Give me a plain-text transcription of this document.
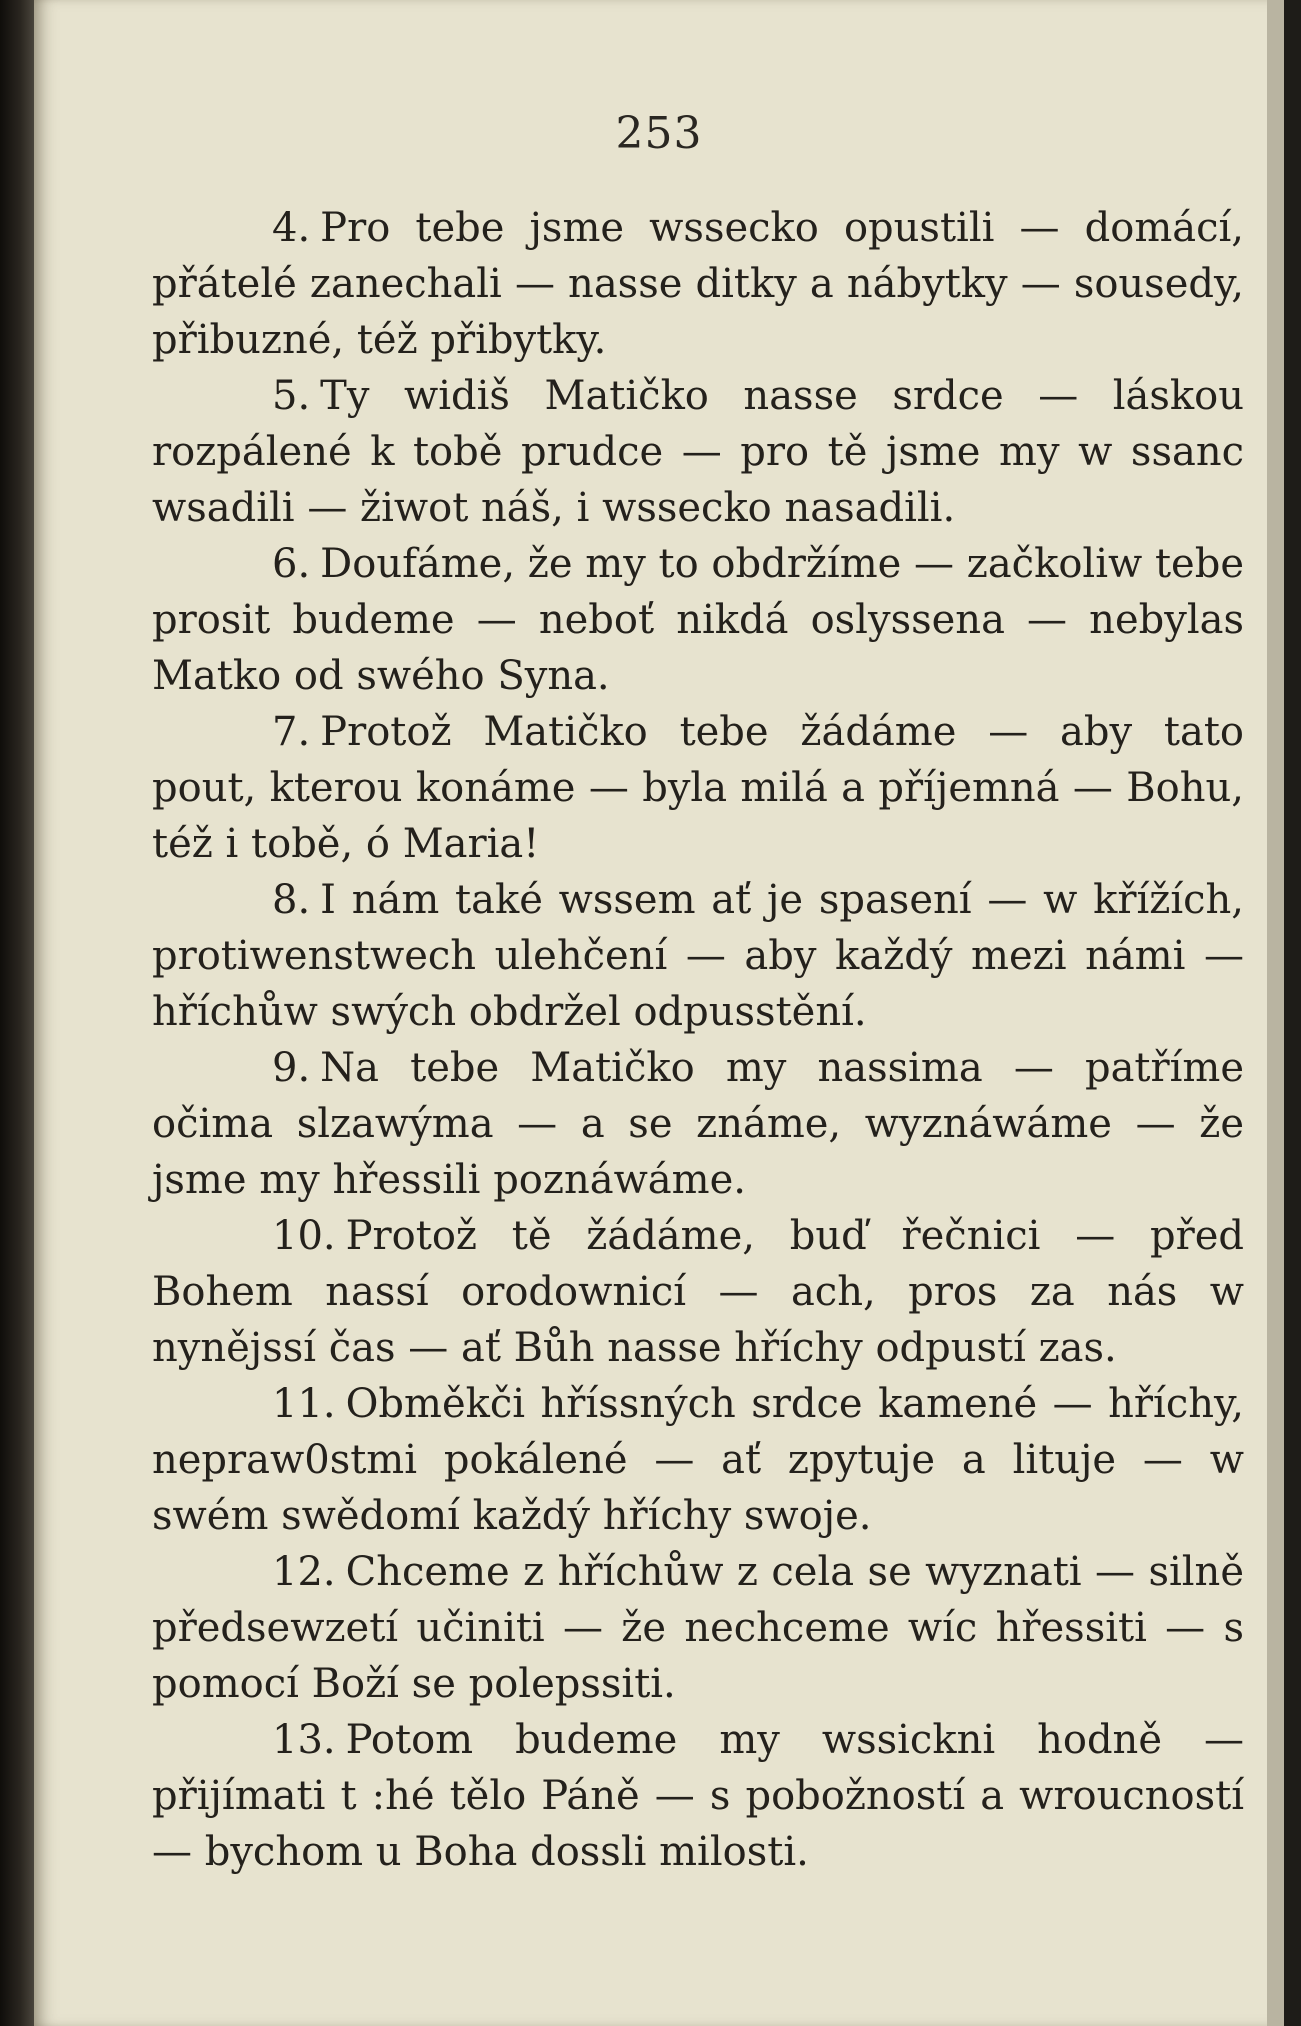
253

4. Pro tebe jsme wssecko opustili — domácí, přátelé zanechali — nasse ditky a nábytky — sousedy, přibuzné, též přibytky.

5. Ty widiš Matičko nasse srdce — láskou rozpálené k tobě prudce — pro tě jsme my w ssanc wsadili — žiwot náš, i wssecko nasadili.

6. Doufáme, že my to obdržíme — začkoliw tebe prosit budeme — neboť nikdá oslyssena — nebylas Matko od swého Syna.

7. Protož Matičko tebe žádáme — aby tato pout, kterou konáme — byla milá a příjemná — Bohu, též i tobě, ó Maria!

8. I nám také wssem ať je spasení — w křížích, protiwenstwech ulehčení — aby každý mezi námi — hříchůw swých obdržel odpusstění.

9. Na tebe Matičko my nassima — patříme očima slzawýma — a se známe, wyznáwáme — že jsme my hřessili poznáwáme.

10. Protož tě žádáme, buď řečnici — před Bohem nassí orodownicí — ach, pros za nás w nynějssí čas — ať Bůh nasse hříchy odpustí zas.

11. Obměkči hříssných srdce kamené — hříchy, nepraw0stmi pokálené — ať zpytuje a lituje — w swém swědomí každý hříchy swoje.

12. Chceme z hříchůw z cela se wyznati — silně předsewzetí učiniti — že nechceme wíc hřessiti — s pomocí Boží se polepssiti.

13. Potom budeme my wssickni hodně — přijímati t :hé tělo Páně — s pobožností a wroucností — bychom u Boha dossli milosti.
